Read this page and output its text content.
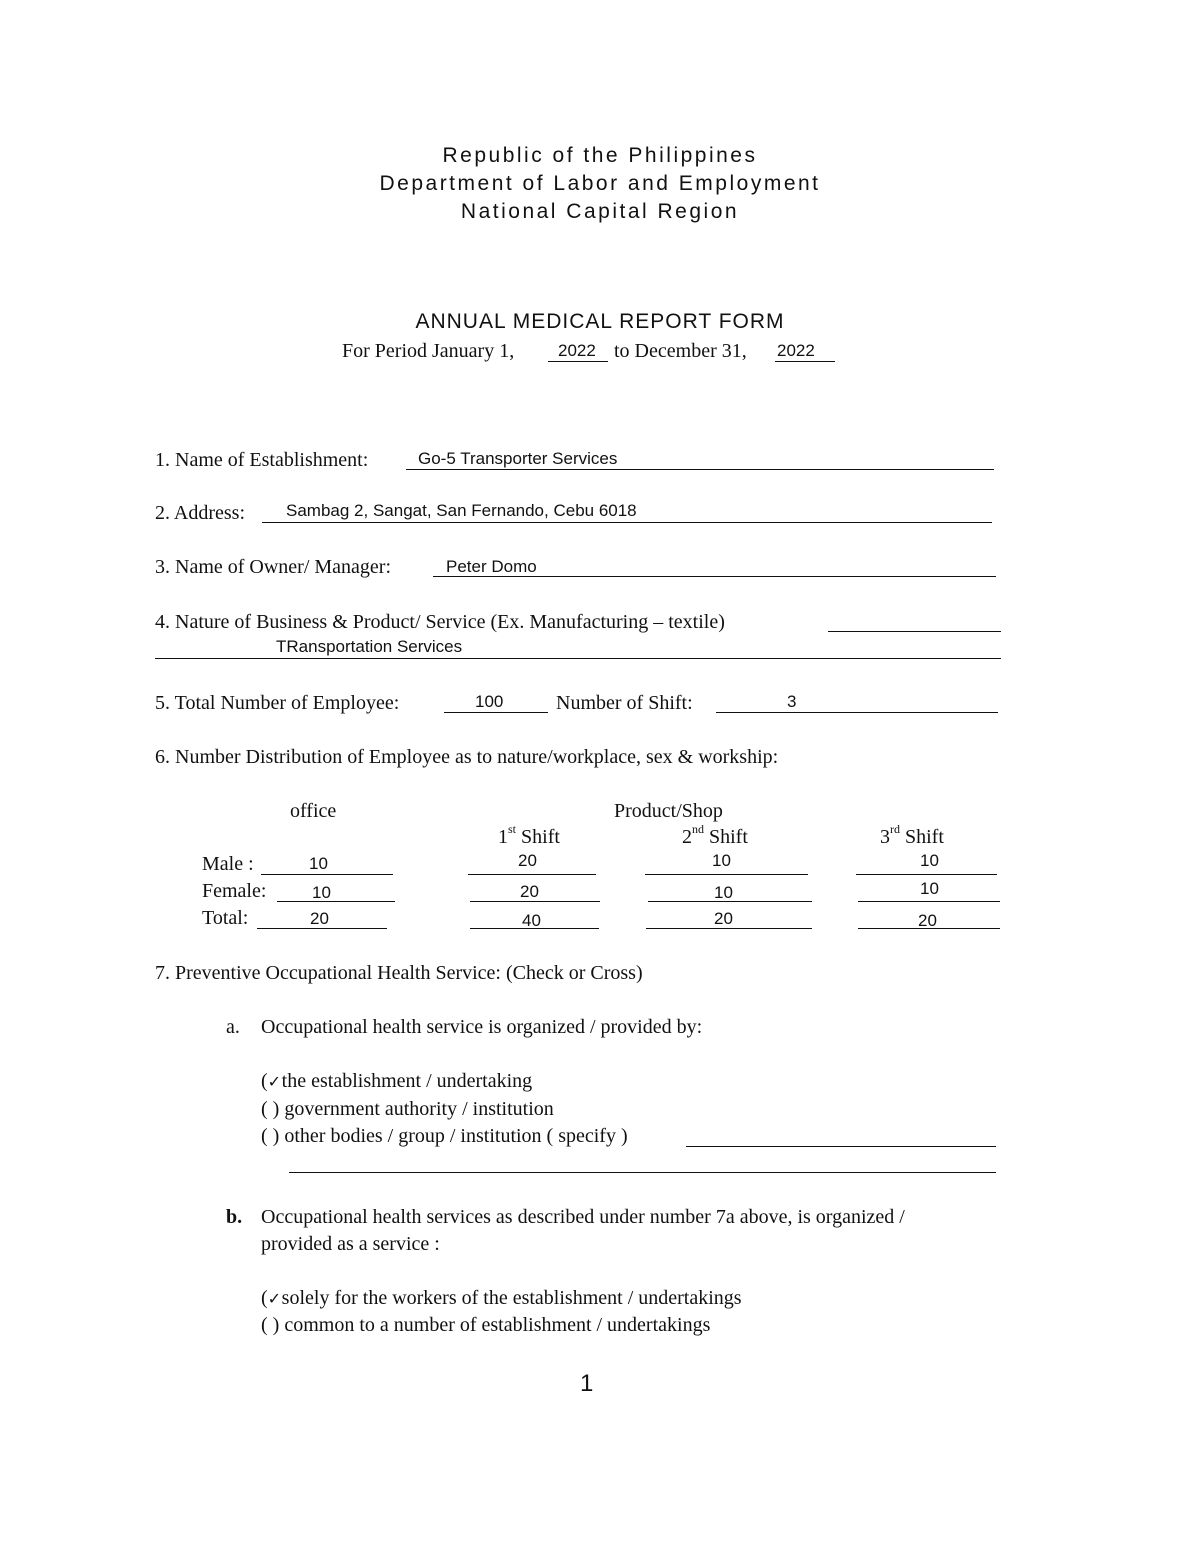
Republic of the Philippines
Department of Labor and Employment
National Capital Region
ANNUAL MEDICAL REPORT FORM
For Period January 1,	2022 to December 31, 2022
1. Name of Establishment:	Go-5 Transporter Services
2. Address: Sambag 2, Sangat, San Fernando, Cebu 6018
3. Name of Owner/ Manager:	Peter Domo
4. Nature of Business & Product/ Service (Ex. Manufacturing – textile)
TRansportation Services
5. Total Number of Employee:	100	Number of Shift:	3
6. Number Distribution of Employee as to nature/workplace, sex & workship:
office	Product/Shop
1st Shift	2nd Shift	3rd Shift
Male :	10	20	10	10
Female:	10	20	10	10
Total:	20	40	20	20
7. Preventive Occupational Health Service: (Check or Cross)
a. Occupational health service is organized / provided by:
(✓the establishment / undertaking
( ) government authority / institution
( ) other bodies / group / institution ( specify )
b. Occupational health services as described under number 7a above, is organized /
provided as a service :
(✓solely for the workers of the establishment / undertakings
( ) common to a number of establishment / undertakings
1
